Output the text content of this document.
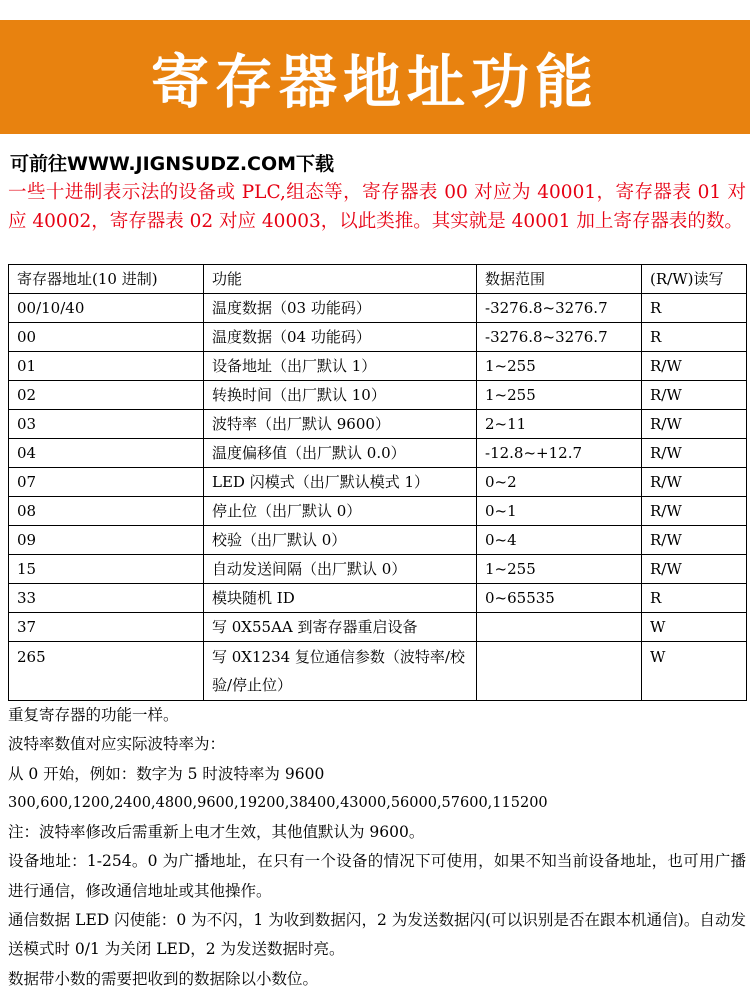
寄存器地址功能
可前往WWW.JIGNSUDZ.COM下载
一些十进制表示法的设备或 PLC,组态等，寄存器表 00 对应为 40001，寄存器表 01 对应 40002，寄存器表 02 对应 40003，以此类推。其实就是 40001 加上寄存器表的数。
寄存器地址(10 进制)	功能	数据范围	(R/W)读写
00/10/40	温度数据（03 功能码）	-3276.8~3276.7	R
00	温度数据（04 功能码）	-3276.8~3276.7	R
01	设备地址（出厂默认 1）	1~255	R/W
02	转换时间（出厂默认 10）	1~255	R/W
03	波特率（出厂默认 9600）	2~11	R/W
04	温度偏移值（出厂默认 0.0）	-12.8~+12.7	R/W
07	LED 闪模式（出厂默认模式 1）	0~2	R/W
08	停止位（出厂默认 0）	0~1	R/W
09	校验（出厂默认 0）	0~4	R/W
15	自动发送间隔（出厂默认 0）	1~255	R/W
33	模块随机 ID	0~65535	R
37	写 0X55AA 到寄存器重启设备		W
265	写 0X1234 复位通信参数（波特率/校验/停止位）		W

重复寄存器的功能一样。

波特率数值对应实际波特率为：

从 0 开始，例如：数字为 5 时波特率为 9600

300,600,1200,2400,4800,9600,19200,38400,43000,56000,57600,115200

注：波特率修改后需重新上电才生效，其他值默认为 9600。

设备地址：1-254。0 为广播地址，在只有一个设备的情况下可使用，如果不知当前设备地址，也可用广播进行通信，修改通信地址或其他操作。

通信数据 LED 闪使能：0 为不闪，1 为收到数据闪，2 为发送数据闪(可以识别是否在跟本机通信)。自动发送模式时 0/1 为关闭 LED，2 为发送数据时亮。

数据带小数的需要把收到的数据除以小数位。
